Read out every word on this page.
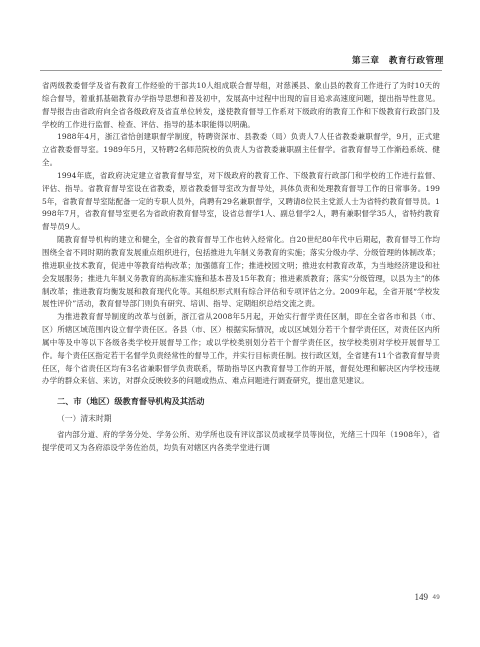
第三章　教育行政管理

省两级教委督学及省有教育工作经验的干部共10人组成联合督导组，对慈溪县、象山县的教育工作进行了为时10天的综合督导，着重抓基础教育办学指导思想和普及初中，发展高中过程中出现的盲目追求高速度问题，提出指导性意见。督导报告由省政府向全省各级政府及省直单位转发，遂使教育督导工作系对下级政府的教育工作和下级教育行政部门及学校的工作进行监督、检查、评估、指导的基本职能得以明确。

1988年4月，浙江省恰创建职督学制度，特聘资深市、县教委（局）负责人7人任省教委兼职督学，9月，正式建立省教委督导室。1989年5月，又特聘2名师范院校的负责人为省教委兼职副主任督学。省教育督导工作渐趋系统、健全。

1994年底，省政府决定建立省教育督导室，对下级政府的教育工作、下级教育行政部门和学校的工作进行监督、评估、指导。省教育督导室设在省教委，原省教委督导室改为督导处，具体负责和处理教育督导工作的日常事务。1995年，省教育督导室陆配备一定的专职人员外，尚聘有29名兼职督学，又聘请8位民主党派人士为省特约教育督导员。1998年7月，省教育督导室更名为省政府教育督导室，设省总督学1人、副总督学2人，聘有兼职督学35人，省特约教育督导员9人。

随教育督导机构的建立和健全，全省的教育督导工作也转入经常化。自20世纪80年代中后期起，教育督导工作均围绕全省不同时期的教育发展重点组织进行，包括推进九年制义务教育的实施；落实分级办学、分级管理的体制改革；推进职业技术教育，促进中等教育结构改革；加强德育工作；推进校园文明；推进农村教育改革，为当地经济建设和社会发展服务；推进九年制义务教育的高标准实施和基本普及15年教育；推进素质教育；落实“分级管理，以县为主”的体制改革；推进教育均衡发展和教育现代化等。其组织形式则有综合评估和专项评估之分。2009年起，全省开展“学校发展性评价”活动，教育督导部门则负有研究、培训、指导、定期组织总结交流之责。

为推进教育督导制度的改革与创新，浙江省从2008年5月起，开始实行督学责任区制，即在全省各市和县（市、区）所辖区域范围内设立督学责任区。各县（市、区）根据实际情况，或以区域划分若干个督学责任区，对责任区内所属中等及中等以下各级各类学校开展督导工作；或以学校类别划分若干个督学责任区，按学校类别对学校开展督导工作。每个责任区指定若干名督学负责经常性的督导工作，并实行目标责任制。按行政区划，全省建有11个省教育督导责任区，每个省责任区均有3名省兼职督学负责联系，帮助指导区内教育督导工作的开展，督促处理和解决区内学校违规办学的群众来信、来访，对群众反映较多的问题或热点、难点问题进行调查研究，提出意见建议。

二、市（地区）级教育督导机构及其活动
（一）清末时期

省内部分道、府的学务分处、学务公所、劝学所也设有评议部议员或视学员等岗位，光绪三十四年（1908年），省提学使司又为各府添设学务佐治员，均负有对辖区内各类学堂进行调

149 49
